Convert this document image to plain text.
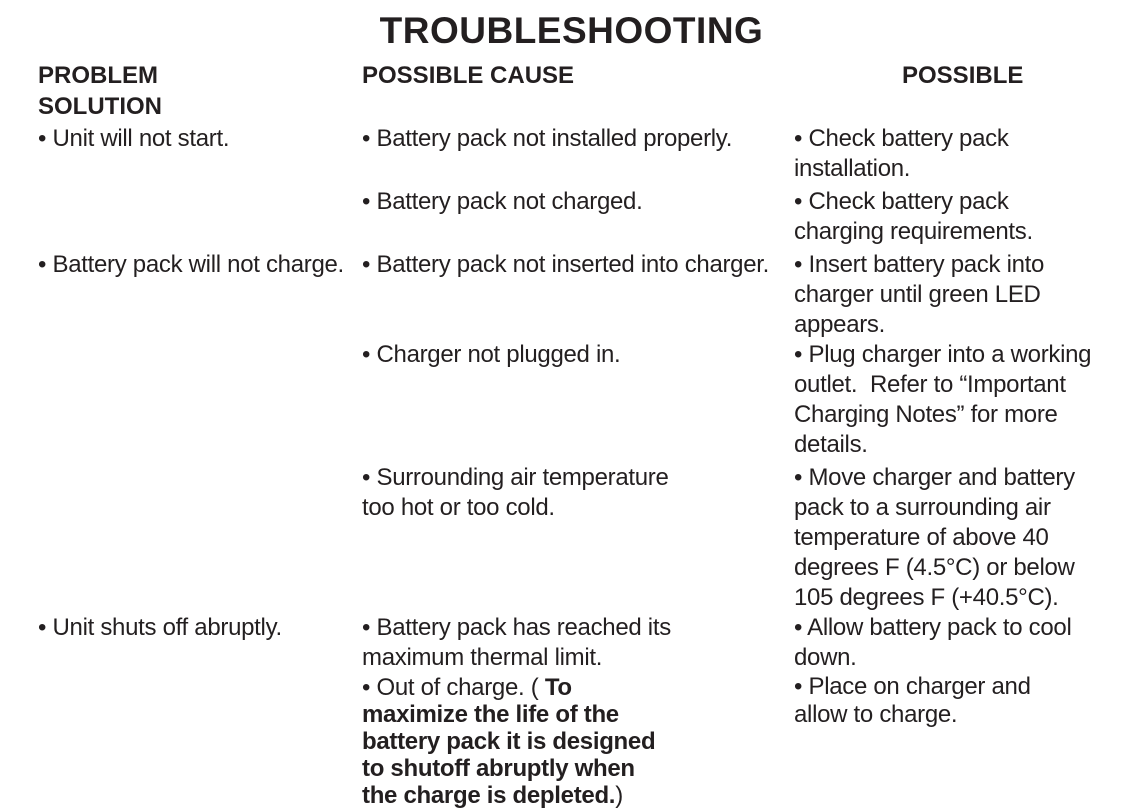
TROUBLESHOOTING
PROBLEM
SOLUTION
POSSIBLE CAUSE	POSSIBLE
• Unit will not start.
• Battery pack will not charge.
• Unit shuts off abruptly.
• Battery pack not installed properly.
• Battery pack not charged.
• Battery pack not inserted into charger.
• Charger not plugged in.
• Surrounding air temperature
too hot or too cold.
• Battery pack has reached its
maximum thermal limit.
• Out of charge. ( To
maximize the life of the
battery pack it is designed
to shutoff abruptly when
the charge is depleted.)
• Check battery pack
installation.
• Check battery pack
charging requirements.
• Insert battery pack into
charger until green LED
appears.
• Plug charger into a working
outlet.  Refer to “Important
Charging Notes” for more
details.
• Move charger and battery
pack to a surrounding air
temperature of above 40
degrees F (4.5°C) or below
105 degrees F (+40.5°C).
• Allow battery pack to cool
down.
• Place on charger and
allow to charge.
